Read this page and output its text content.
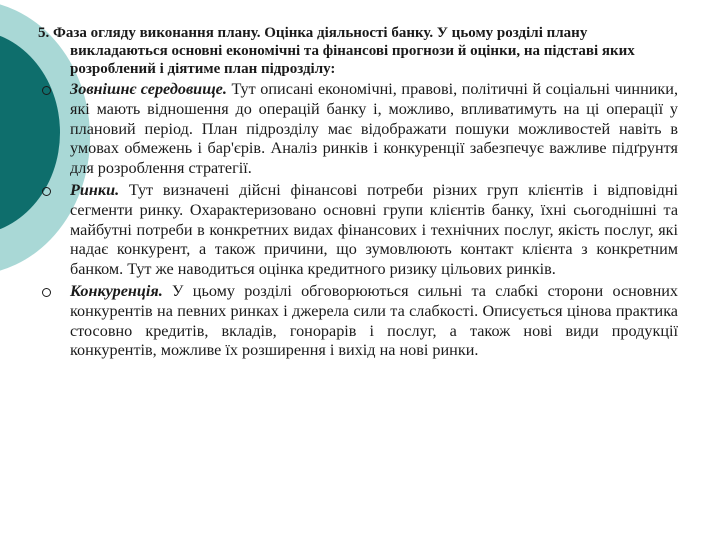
5. Фаза огляду виконання плану. Оцінка діяльності банку. У цьому розділі плану викладаються основні економічні та фінансові прогнози й оцінки, на підставі яких розроблений і діятиме план підрозділу:

Зовнішнє середовище. Тут описані економічні, правові, політичні й соціальні чинники, які мають відношення до операцій банку і, можливо, впливатимуть на ці операції у плановий період. План підрозділу має відображати пошуки можливостей навіть в умовах обмежень і бар'єрів. Аналіз ринків і конкуренції забезпечує важливе підґрунтя для розроблення стратегії.
Ринки. Тут визначені дійсні фінансові потреби різних груп клієнтів і відповідні сегменти ринку. Охарактеризовано основні групи клієнтів банку, їхні сьогоднішні та майбутні потреби в конкретних видах фінансових і технічних послуг, якість послуг, які надає конкурент, а також причини, що зумовлюють контакт клієнта з конкретним банком. Тут же наводиться оцінка кредитного ризику цільових ринків.
Конкуренція. У цьому розділі обговорюються сильні та слабкі сторони основних конкурентів на певних ринках і джерела сили та слабкості. Описується цінова практика стосовно кредитів, вкладів, гонорарів і послуг, а також нові види продукції конкурентів, можливе їх розширення і вихід на нові ринки.
